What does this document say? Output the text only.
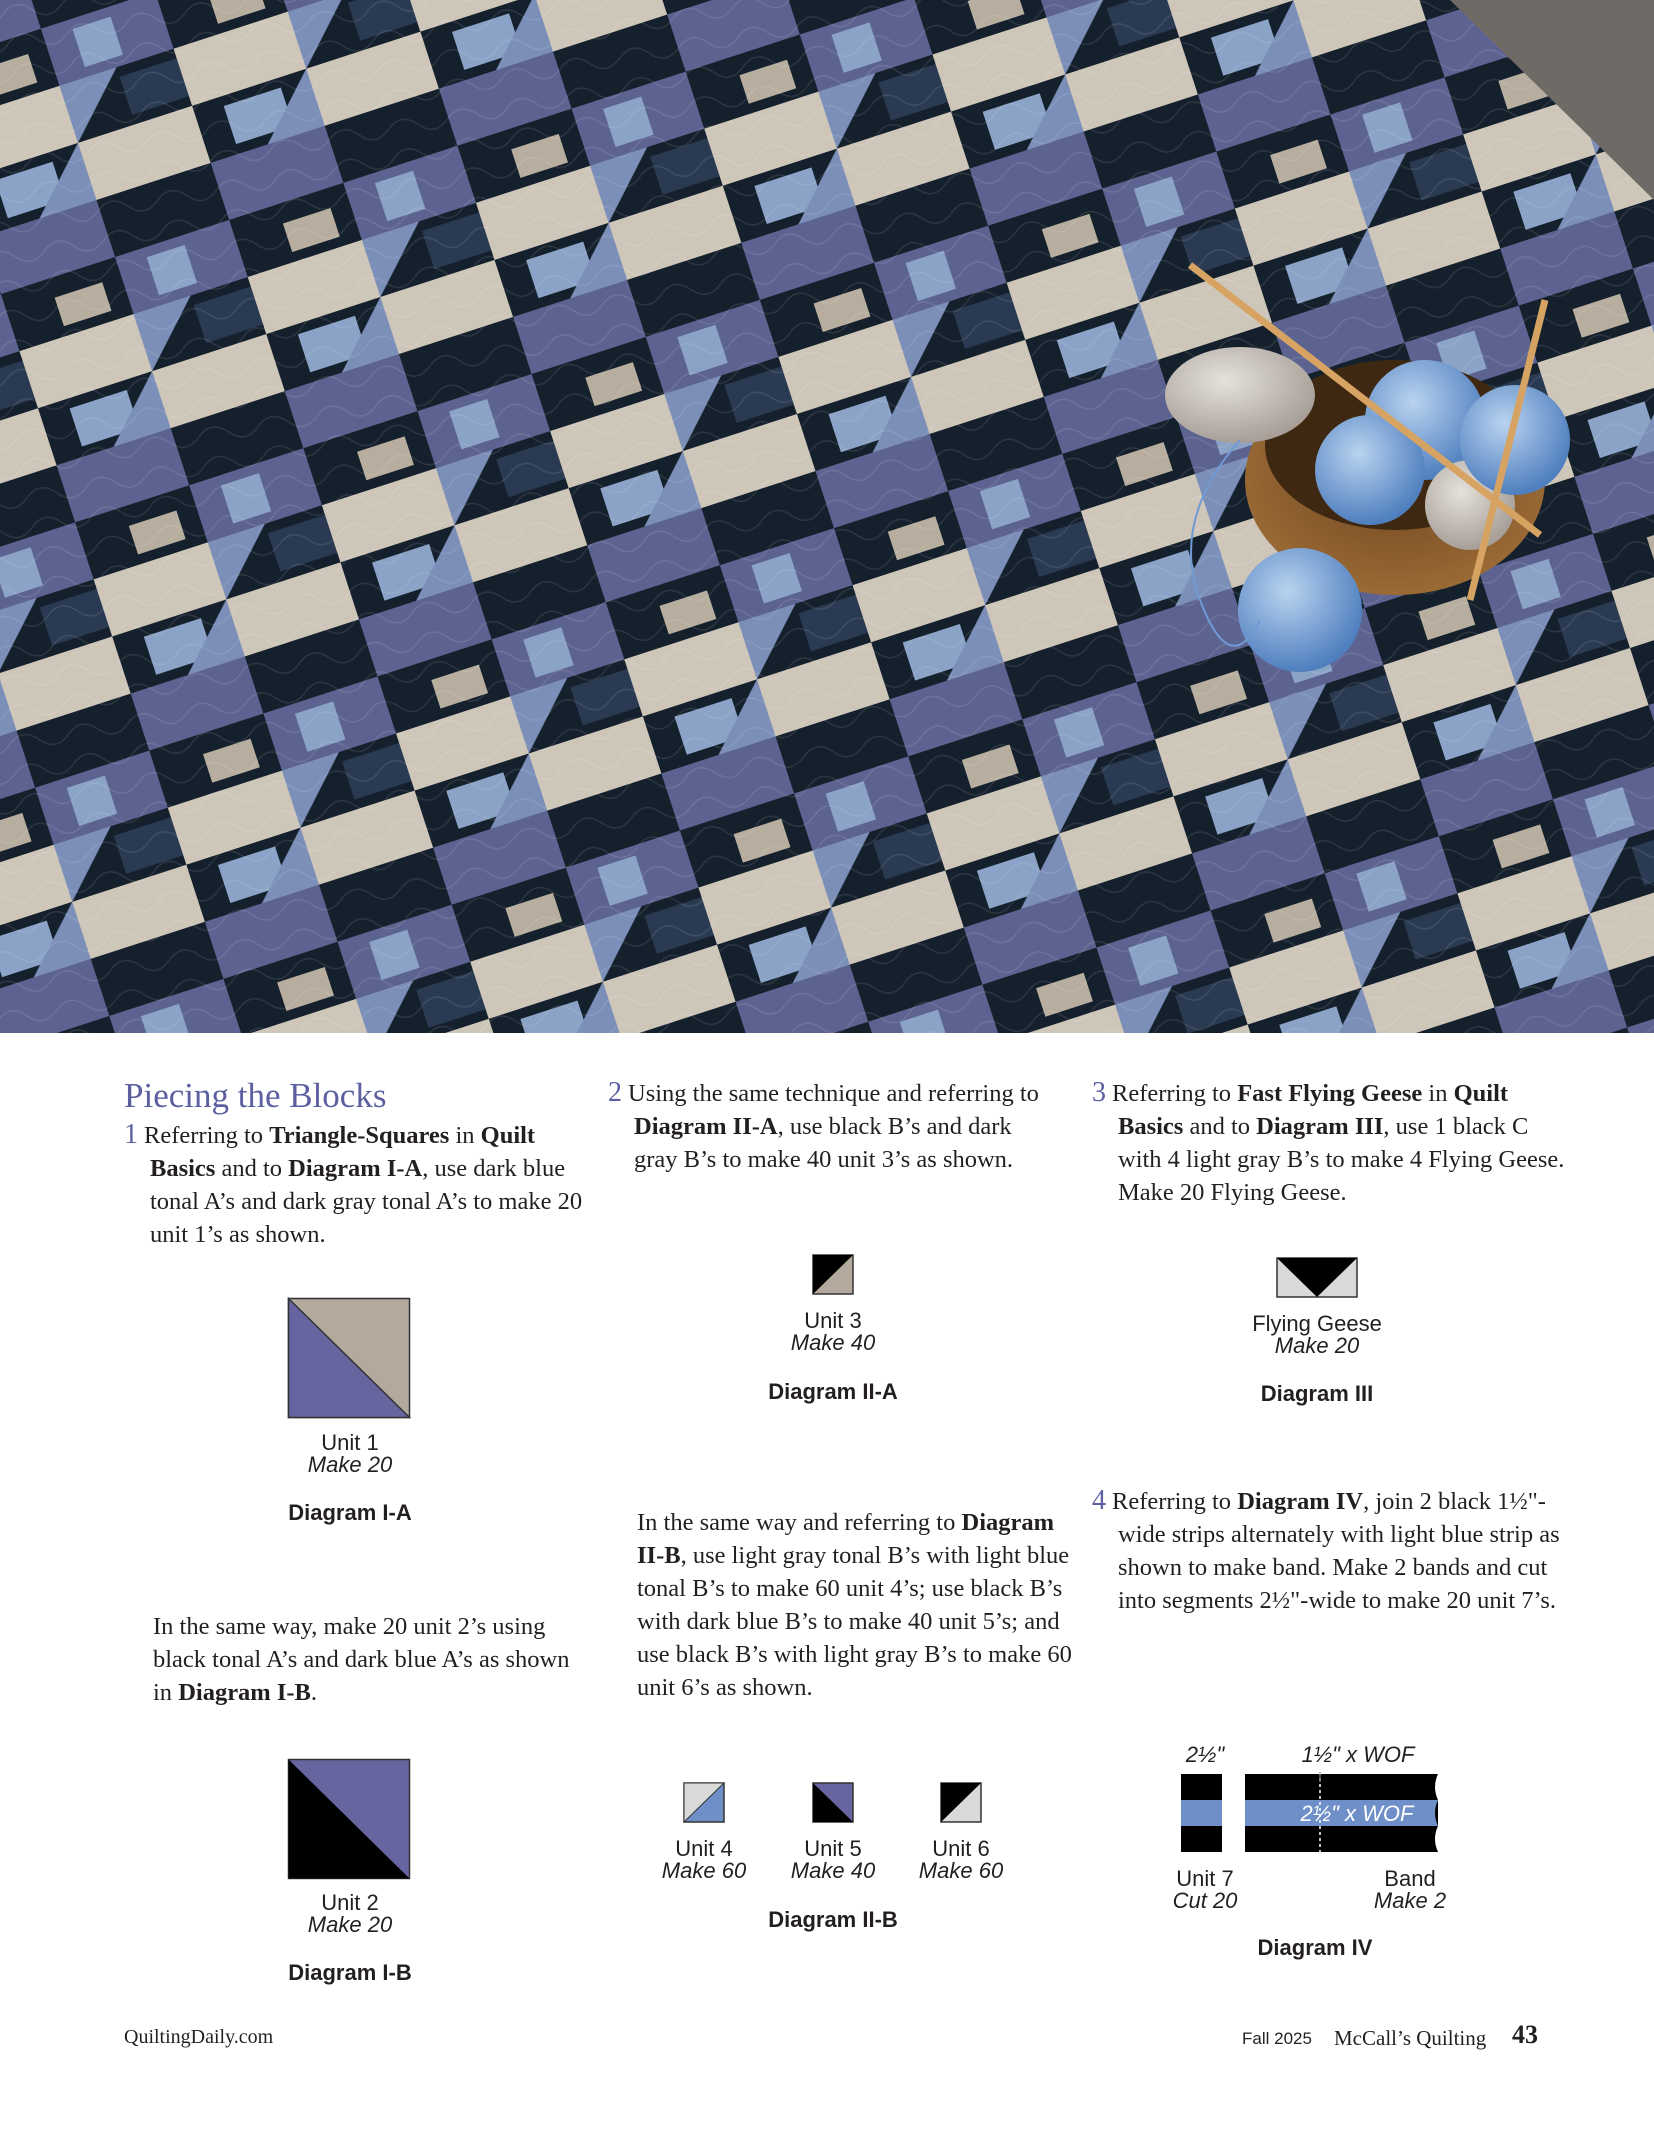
Piecing the Blocks
1 Referring to Triangle-Squares in Quilt Basics and to Diagram I-A, use dark blue tonal A’s and dark gray tonal A’s to make 20 unit 1’s as shown.
Unit 1
Make 20
Diagram I-A
In the same way, make 20 unit 2’s using black tonal A’s and dark blue A’s as shown in Diagram I-B.
Unit 2
Make 20
Diagram I-B
2 Using the same technique and referring to Diagram II-A, use black B’s and dark gray B’s to make 40 unit 3’s as shown.
Unit 3
Make 40
Diagram II-A
In the same way and referring to Diagram II-B, use light gray tonal B’s with light blue tonal B’s to make 60 unit 4’s; use black B’s with dark blue B’s to make 40 unit 5’s; and use black B’s with light gray B’s to make 60 unit 6’s as shown.
Unit 4
Make 60
Unit 5
Make 40
Unit 6
Make 60
Diagram II-B
3 Referring to Fast Flying Geese in Quilt Basics and to Diagram III, use 1 black C with 4 light gray B’s to make 4 Flying Geese. Make 20 Flying Geese.
Flying Geese
Make 20
Diagram III
4 Referring to Diagram IV, join 2 black 1½"-wide strips alternately with light blue strip as shown to make band. Make 2 bands and cut into segments 2½"-wide to make 20 unit 7’s.
2½"	1½" x WOF
2½" x WOF
Unit 7
Cut 20
Band
Make 2
Diagram IV
QuiltingDaily.com	Fall 2025 McCall’s Quilting 43
